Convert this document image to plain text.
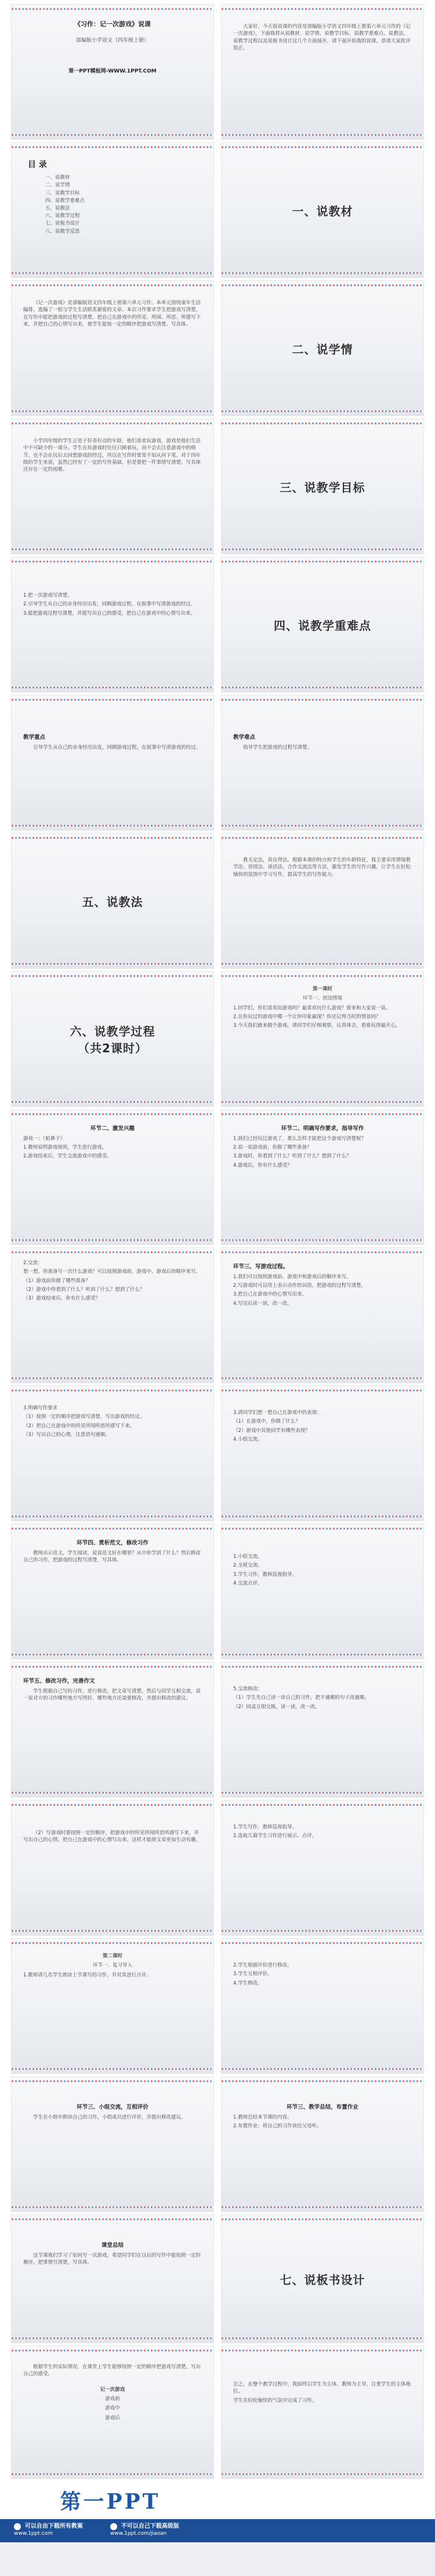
《习作：记一次游戏》说课
部编版小学语文（四年级上册）
第一PPT模板网-WWW.1PPT.COM

大家好，今天我说课的内容是部编版小学语文四年级上册第六单元习作的《记一次游戏》，下面我将从说教材、说学情、说教学目标、说教学重难点、说教法、说教学过程以及说板书设计这几个方面展开，请下面开始我的说课，恭请大家批评指正。

目 录
一、说教材
二、说学情
三、说教学目标
四、说教学重难点
五、说教法
六、说教学过程
七、说板书设计
八、说教学反思
一、说教材

《记一次游戏》是部编版语文四年级上册第六单元习作。本单元围绕童年生活编排，选编了一组与学生生活联系紧密的文章。本次习作要求学生把游戏写清楚，在写作中能把游戏的过程写清楚，把自己在游戏中的所见、所闻、所思、所感写下来，并把自己的心情写出来，使学生能按一定的顺序把游戏写清楚、写具体。

二、说学情

小学四年级的学生正处于好奇好动的年龄，他们喜欢玩游戏，游戏是他们生活中不可缺少的一部分。学生在玩游戏时往往只顾着玩，而不会去注意游戏中的细节，也不会在玩后去回想游戏的经过，所以在写作时常常不知从何下笔。对于四年级的学生来说，虽然已经有了一定的写作基础，但是要把一件事情写清楚、写具体还存在一定的困难。

三、说教学目标

1.把一次游戏写清楚。

2.引导学生从自己的亲身经历出发，回顾游戏过程，在叙事中写清游戏的经过。

3.能把游戏过程写清楚，并能写出自己的感受，把自己在游戏中的心情写出来。

四、说教学重难点
教学重点

引导学生从自己的亲身经历出发，回顾游戏过程，在叙事中写清游戏的经过。

教学难点

指导学生把游戏的过程写清楚。

五、说教法

教无定法，贵在得法。根据本课的特点和学生的年龄特征，我主要采用情境教学法、讲授法、谈话法、合作交流法等方法，激发学生的写作兴趣，让学生在轻松愉快的氛围中学习写作，提高学生的写作能力。

六、说教学过程
（共2课时）
第一课时
环节一、创设情境

1.同学们，你们喜欢玩游戏吗？最喜欢玩什么游戏？谁来和大家说一说。

2.在你玩过的游戏中哪一个让你印象最深？你还记得当时的情景吗？

3.今天我们就来做个游戏，请同学们仔细观察，认真体会，看谁玩得最开心。

环节二、激发兴趣

游戏一：《贴鼻子》

1.教师说明游戏规则，学生进行游戏。

2.游戏结束后，学生交流游戏中的感受。

环节二、明确写作要求，指导写作

1.我们已经玩过游戏了，那么怎样才能把这个游戏写清楚呢？

2.说一说游戏前，你做了哪些准备？

3.游戏时，你看到了什么？听到了什么？想到了什么？

4.游戏后，你有什么感受？

2.交流：

想一想，你准备写一次什么游戏？可以按照游戏前、游戏中、游戏后的顺序来写。

（1）游戏前你做了哪些准备？

（2）游戏中你看到了什么？听到了什么？想到了什么？

（3）游戏结束后，你有什么感受？

环节三、写游戏过程。

1.我们可以按照游戏前、游戏中和游戏后的顺序来写。

2.写游戏时可以用上表示动作的词语，把游戏的过程写清楚。

3.把自己在游戏中的心情写出来。

4.写完后读一读，改一改。

3.明确写作要求

（1）按照一定的顺序把游戏写清楚，写出游戏的经过。

（2）把自己在游戏中的所见所闻所思所感写下来。

（3）写出自己的心情，注意语句通顺。

3.请同学们想一想自己在游戏中的表现：

（1）在游戏中，你做了什么？

（2）游戏中其他同学有哪些表现？

4.小组交流。

环节四、赏析范文，修改习作

教师出示范文，学生阅读，说说范文好在哪里？从中你学到了什么？然后修改自己的习作，把游戏的过程写清楚，写具体。

1.小组交流。

2.全班交流。

3.学生习作，教师巡视指导。

4.交流点评。

环节五、修改习作，完善作文

学生根据自己写的习作，进行修改，把文章写清楚。然后与同学互相交流，说一说对方的习作哪些地方写得好，哪些地方还需要修改，并提出修改的建议。

5.交流修改：

（1）学生先自己读一读自己的习作，把不通顺的句子改通顺。

（2）同桌互相交换，读一读，改一改。

（2）写游戏时要按照一定的顺序，把游戏中的所见所闻所思所感写下来，并写出自己的心情。把自己在游戏中的心情写出来，这样才能使文章更加生动有趣。

1.学生写作，教师巡视指导。

2.选取几篇学生习作进行展示、点评。

第二课时
环节一、复习导入

1.教师请几名学生朗读上节课写的习作，并对其进行点评。

2.学生根据评价进行修改。

3.学生互相评价。

4.学生修改。

环节三、小组交流，互相评价

学生在小组中朗读自己的习作，小组成员进行评价，并提出修改建议。

环节三、教学总结，布置作业

1.教师总结本节课的内容。

2.布置作业：将自己的习作读给父母听。

课堂总结

这节课我们学习了如何写一次游戏，希望同学们在以后的写作中能按照一定的顺序，把事情写清楚，写具体。

七、说板书设计

根据学生的实际情况，在课堂上学生能够按照一定的顺序把游戏写清楚，写出自己的感受。

记一次游戏
游戏前
游戏中
游戏后

总之，在整个教学过程中，我始终以学生为主体，教师为主导，注重学生的主体地位。

学生在轻松愉快的气氛中完成了习作。

第一PPT
可以自由下载所有教案
www.1ppt.com
不可以自己下载高级版
www.1ppt.com/jiaoan
